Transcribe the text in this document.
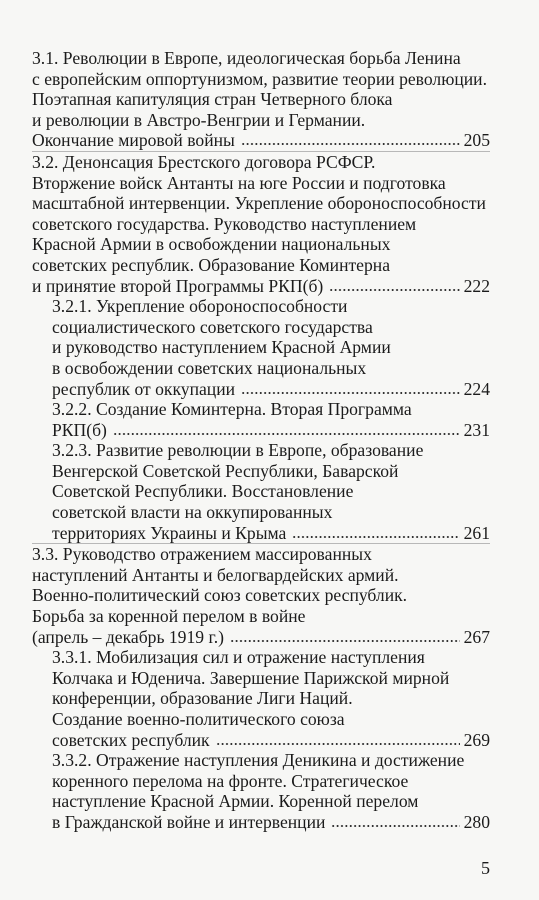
3.1. Революции в Европе, идеологическая борьба Ленина
с европейским оппортунизмом, развитие теории революции.
Поэтапная капитуляция стран Четверного блока
и революции в Австро-Венгрии и Германии.
Окончание мировой войны	205
3.2. Денонсация Брестского договора РСФСР.
Вторжение войск Антанты на юге России и подготовка
масштабной интервенции. Укрепление обороноспособности
советского государства. Руководство наступлением
Красной Армии в освобождении национальных
советских республик. Образование Коминтерна
и принятие второй Программы РКП(б)	222
3.2.1. Укрепление обороноспособности
социалистического советского государства
и руководство наступлением Красной Армии
в освобождении советских национальных
республик от оккупации	224
3.2.2. Создание Коминтерна. Вторая Программа
РКП(б)	231
3.2.3. Развитие революции в Европе, образование
Венгерской Советской Республики, Баварской
Советской Республики. Восстановление
советской власти на оккупированных
территориях Украины и Крыма	261
3.3. Руководство отражением массированных
наступлений Антанты и белогвардейских армий.
Военно-политический союз советских республик.
Борьба за коренной перелом в войне
(апрель – декабрь 1919 г.)	267
3.3.1. Мобилизация сил и отражение наступления
Колчака и Юденича. Завершение Парижской мирной
конференции, образование Лиги Наций.
Создание военно-политического союза
советских республик	269
3.3.2. Отражение наступления Деникина и достижение
коренного перелома на фронте. Стратегическое
наступление Красной Армии. Коренной перелом
в Гражданской войне и интервенции	280
5
